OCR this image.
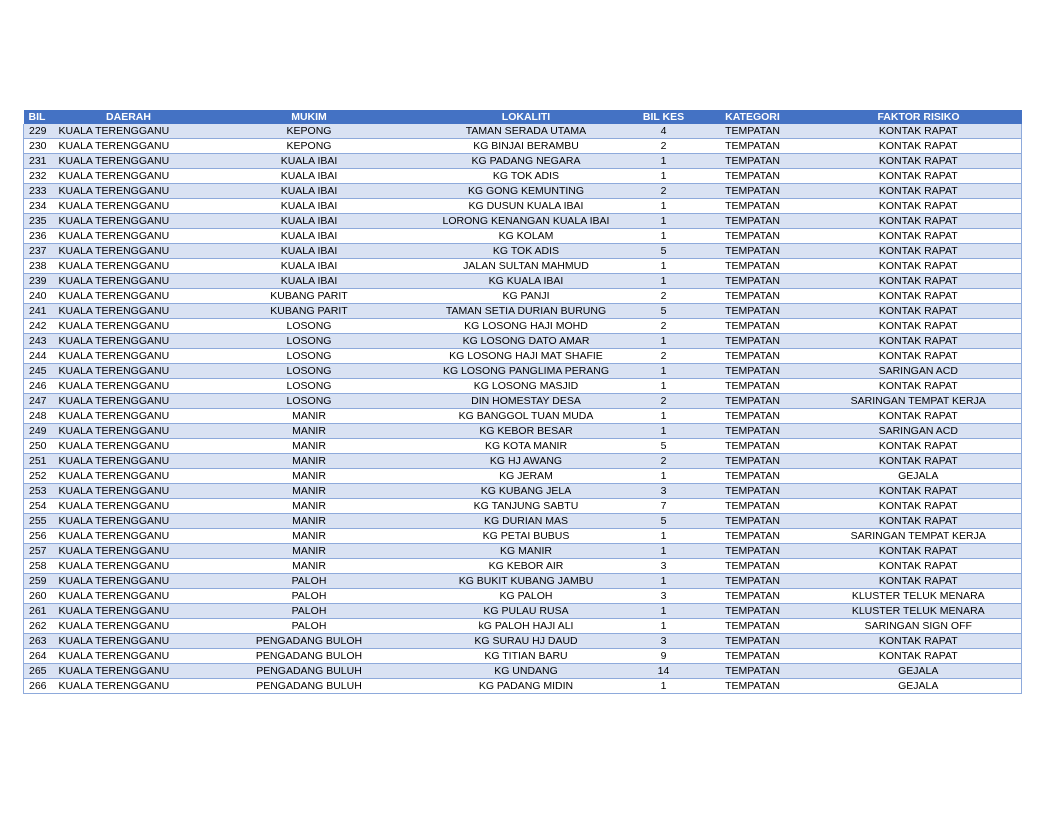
BIL	DAERAH	MUKIM	LOKALITI	BIL KES	KATEGORI	FAKTOR RISIKO
229	KUALA TERENGGANU	KEPONG	TAMAN SERADA UTAMA	4	TEMPATAN	KONTAK RAPAT
230	KUALA TERENGGANU	KEPONG	KG BINJAI BERAMBU	2	TEMPATAN	KONTAK RAPAT
231	KUALA TERENGGANU	KUALA IBAI	KG PADANG NEGARA	1	TEMPATAN	KONTAK RAPAT
232	KUALA TERENGGANU	KUALA IBAI	KG TOK ADIS	1	TEMPATAN	KONTAK RAPAT
233	KUALA TERENGGANU	KUALA IBAI	KG GONG KEMUNTING	2	TEMPATAN	KONTAK RAPAT
234	KUALA TERENGGANU	KUALA IBAI	KG DUSUN KUALA IBAI	1	TEMPATAN	KONTAK RAPAT
235	KUALA TERENGGANU	KUALA IBAI	LORONG KENANGAN KUALA IBAI	1	TEMPATAN	KONTAK RAPAT
236	KUALA TERENGGANU	KUALA IBAI	KG KOLAM	1	TEMPATAN	KONTAK RAPAT
237	KUALA TERENGGANU	KUALA IBAI	KG TOK ADIS	5	TEMPATAN	KONTAK RAPAT
238	KUALA TERENGGANU	KUALA IBAI	JALAN SULTAN MAHMUD	1	TEMPATAN	KONTAK RAPAT
239	KUALA TERENGGANU	KUALA IBAI	KG KUALA IBAI	1	TEMPATAN	KONTAK RAPAT
240	KUALA TERENGGANU	KUBANG PARIT	KG PANJI	2	TEMPATAN	KONTAK RAPAT
241	KUALA TERENGGANU	KUBANG PARIT	TAMAN SETIA DURIAN BURUNG	5	TEMPATAN	KONTAK RAPAT
242	KUALA TERENGGANU	LOSONG	KG LOSONG HAJI MOHD	2	TEMPATAN	KONTAK RAPAT
243	KUALA TERENGGANU	LOSONG	KG LOSONG DATO AMAR	1	TEMPATAN	KONTAK RAPAT
244	KUALA TERENGGANU	LOSONG	KG LOSONG HAJI MAT SHAFIE	2	TEMPATAN	KONTAK RAPAT
245	KUALA TERENGGANU	LOSONG	KG LOSONG PANGLIMA PERANG	1	TEMPATAN	SARINGAN ACD
246	KUALA TERENGGANU	LOSONG	KG LOSONG MASJID	1	TEMPATAN	KONTAK RAPAT
247	KUALA TERENGGANU	LOSONG	DIN HOMESTAY DESA	2	TEMPATAN	SARINGAN TEMPAT KERJA
248	KUALA TERENGGANU	MANIR	KG BANGGOL TUAN MUDA	1	TEMPATAN	KONTAK RAPAT
249	KUALA TERENGGANU	MANIR	KG KEBOR BESAR	1	TEMPATAN	SARINGAN ACD
250	KUALA TERENGGANU	MANIR	KG KOTA MANIR	5	TEMPATAN	KONTAK RAPAT
251	KUALA TERENGGANU	MANIR	KG HJ AWANG	2	TEMPATAN	KONTAK RAPAT
252	KUALA TERENGGANU	MANIR	KG JERAM	1	TEMPATAN	GEJALA
253	KUALA TERENGGANU	MANIR	KG KUBANG JELA	3	TEMPATAN	KONTAK RAPAT
254	KUALA TERENGGANU	MANIR	KG TANJUNG SABTU	7	TEMPATAN	KONTAK RAPAT
255	KUALA TERENGGANU	MANIR	KG DURIAN MAS	5	TEMPATAN	KONTAK RAPAT
256	KUALA TERENGGANU	MANIR	KG PETAI BUBUS	1	TEMPATAN	SARINGAN TEMPAT KERJA
257	KUALA TERENGGANU	MANIR	KG MANIR	1	TEMPATAN	KONTAK RAPAT
258	KUALA TERENGGANU	MANIR	KG KEBOR AIR	3	TEMPATAN	KONTAK RAPAT
259	KUALA TERENGGANU	PALOH	KG BUKIT KUBANG JAMBU	1	TEMPATAN	KONTAK RAPAT
260	KUALA TERENGGANU	PALOH	KG PALOH	3	TEMPATAN	KLUSTER TELUK MENARA
261	KUALA TERENGGANU	PALOH	KG PULAU RUSA	1	TEMPATAN	KLUSTER TELUK MENARA
262	KUALA TERENGGANU	PALOH	kG PALOH HAJI ALI	1	TEMPATAN	SARINGAN SIGN OFF
263	KUALA TERENGGANU	PENGADANG BULOH	KG SURAU HJ DAUD	3	TEMPATAN	KONTAK RAPAT
264	KUALA TERENGGANU	PENGADANG BULOH	KG TITIAN BARU	9	TEMPATAN	KONTAK RAPAT
265	KUALA TERENGGANU	PENGADANG BULUH	KG UNDANG	14	TEMPATAN	GEJALA
266	KUALA TERENGGANU	PENGADANG BULUH	KG PADANG MIDIN	1	TEMPATAN	GEJALA
